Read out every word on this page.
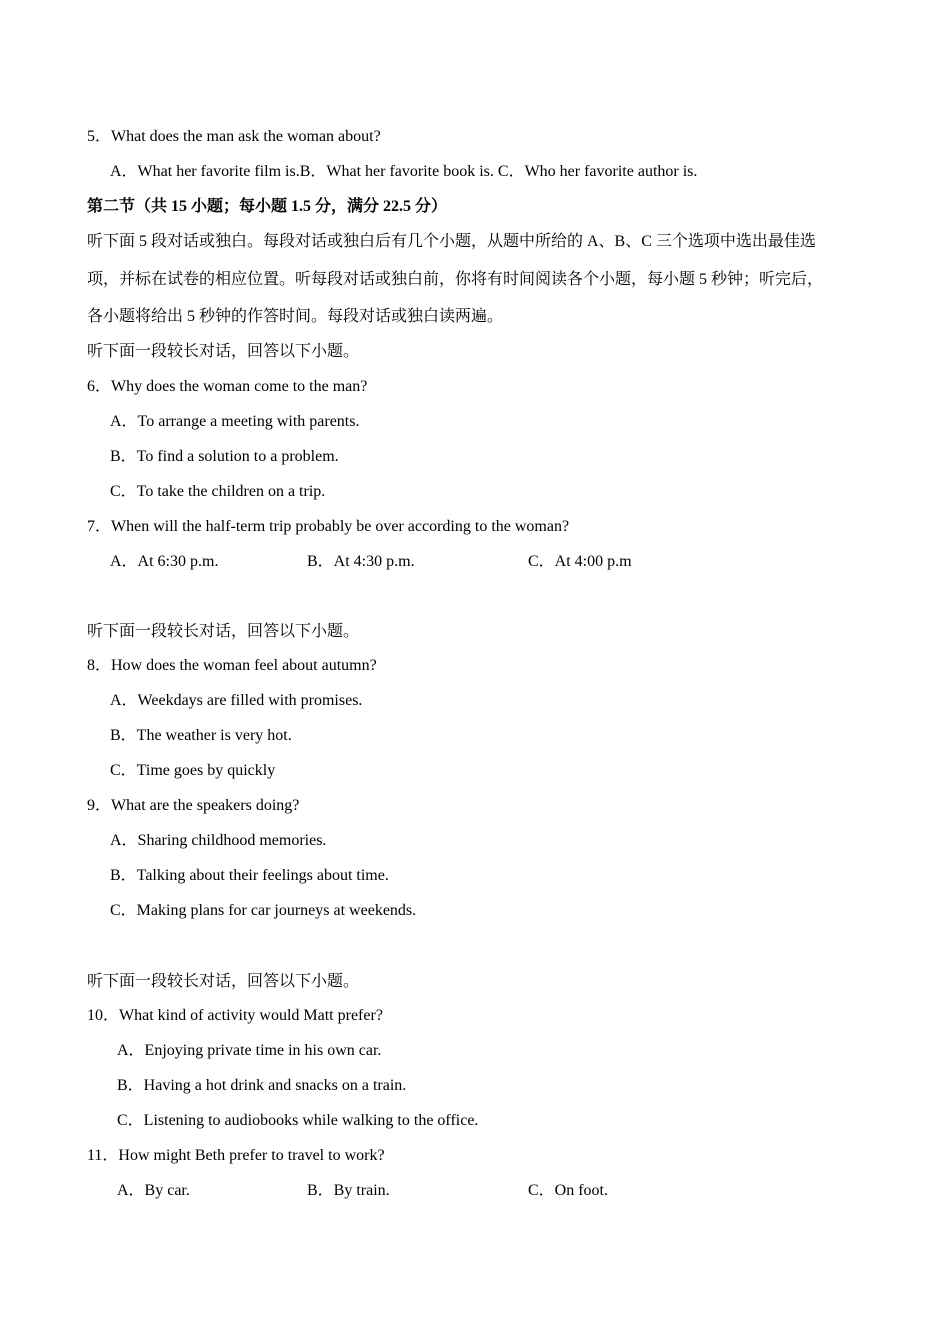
5．What does the man ask the woman about?
A．What her favorite film is.B．What her favorite book is. C．Who her favorite author is.
第二节（共 15 小题；每小题 1.5 分，满分 22.5 分）
听下面 5 段对话或独白。每段对话或独白后有几个小题，从题中所给的 A、B、C 三个选项中选出最佳选
项，并标在试卷的相应位置。听每段对话或独白前，你将有时间阅读各个小题，每小题 5 秒钟；听完后，
各小题将给出 5 秒钟的作答时间。每段对话或独白读两遍。
听下面一段较长对话，回答以下小题。
6．Why does the woman come to the man?
A．To arrange a meeting with parents.
B．To find a solution to a problem.
C．To take the children on a trip.
7．When will the half-term trip probably be over according to the woman?
A．At 6:30 p.m.	B．At 4:30 p.m.	C．At 4:00 p.m
听下面一段较长对话，回答以下小题。
8．How does the woman feel about autumn?
A．Weekdays are filled with promises.
B．The weather is very hot.
C．Time goes by quickly
9．What are the speakers doing?
A．Sharing childhood memories.
B．Talking about their feelings about time.
C．Making plans for car journeys at weekends.
听下面一段较长对话，回答以下小题。
10．What kind of activity would Matt prefer?
A．Enjoying private time in his own car.
B．Having a hot drink and snacks on a train.
C．Listening to audiobooks while walking to the office.
11．How might Beth prefer to travel to work?
A．By car.	B．By train.	C．On foot.
